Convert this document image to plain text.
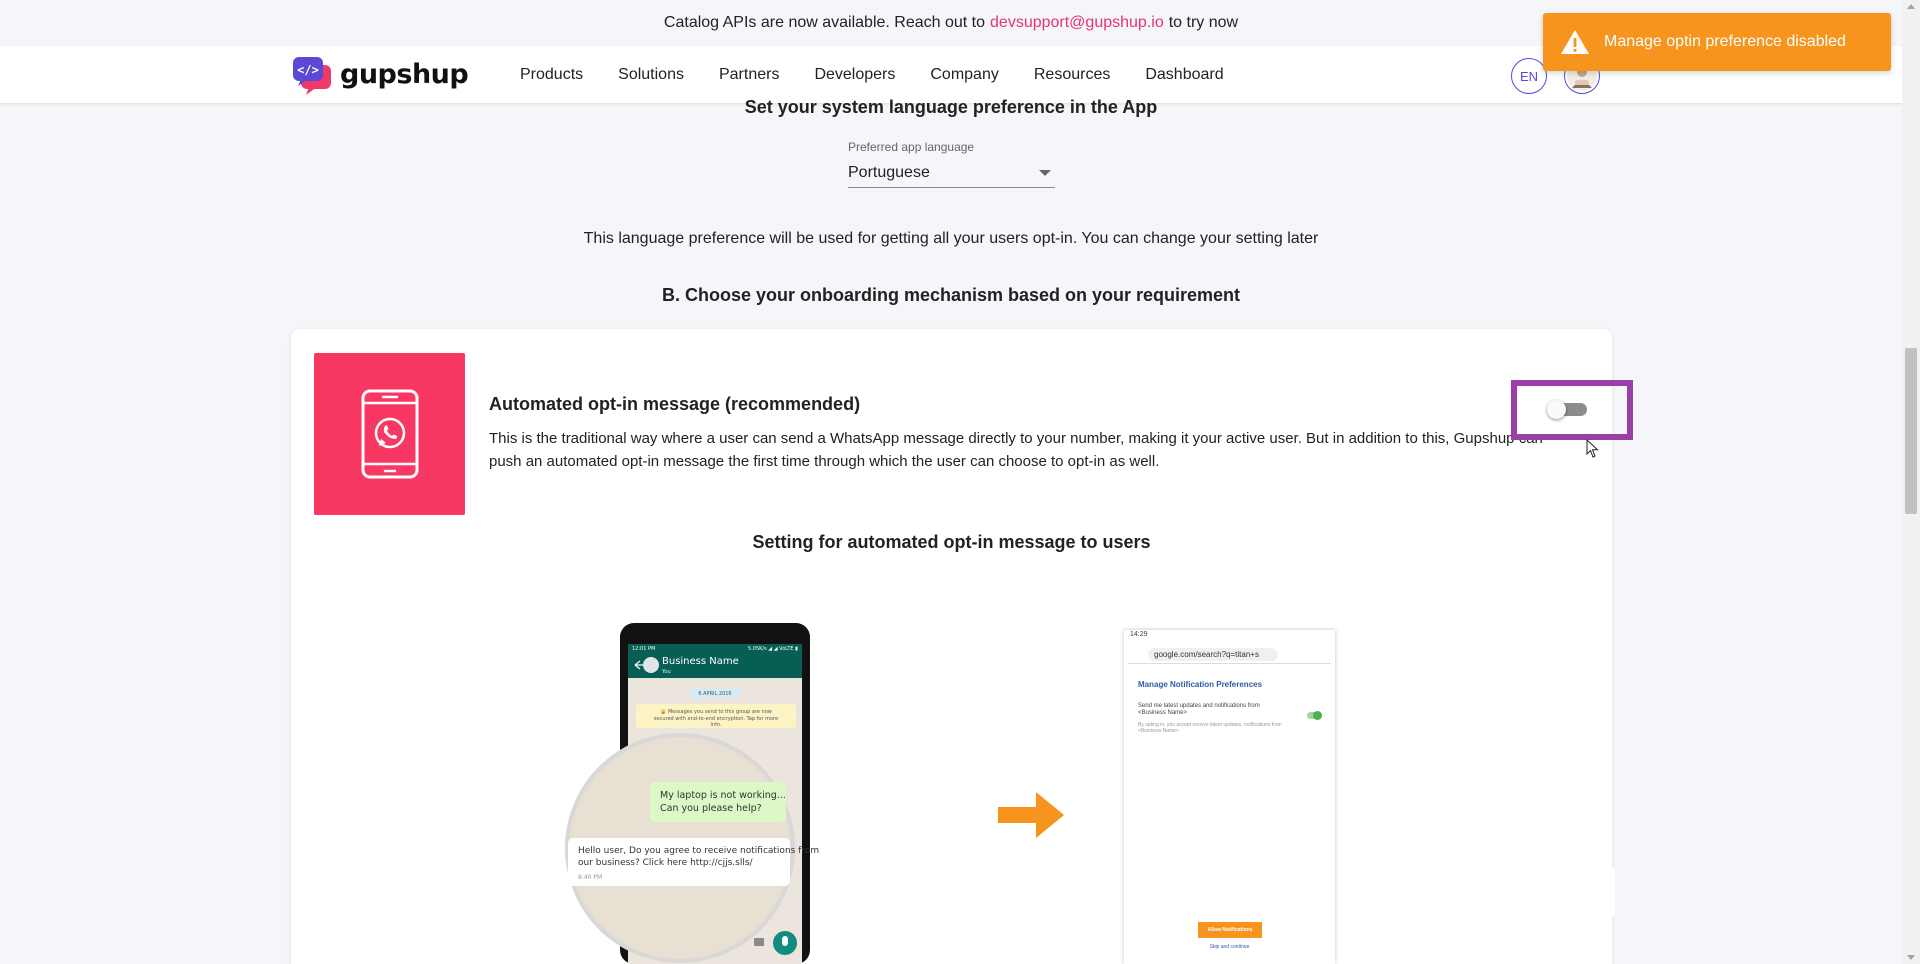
Catalog APIs are now available. Reach out to devsupport@gupshup.io to try now
</> gupshup	Products Solutions Partners Developers Company Resources Dashboard	EN
Manage optin preference disabled
Set your system language preference in the App
Preferred app language
Portuguese
This language preference will be used for getting all your users opt-in. You can change your setting later
B. Choose your onboarding mechanism based on your requirement
Automated opt-in message (recommended)
This is the traditional way where a user can send a WhatsApp message directly to your number, making it your active user. But in addition to this, Gupshup can push an automated opt-in message the first time through which the user can choose to opt-in as well.
Setting for automated opt-in message to users
12:01 PM	5.05K/s ◢ ◢ VoLTE ▮
Business Name
You
6 APRIL 2016
🔒 Messages you send to this group are now
secured with end-to-end encryption. Tap for more
info.
My laptop is not working...
Can you please help?
Hello user, Do you agree to receive notifications from
our business? Click here http://cjjs.slls/
8:40 PM
14:29
google.com/search?q=titan+s
Manage Notification Preferences
Send me latest updates and notifications from <Business Name>
By opting in, you accept receive latest updates, notifications from <Business Name>
Allow Notifications
Skip and continue
